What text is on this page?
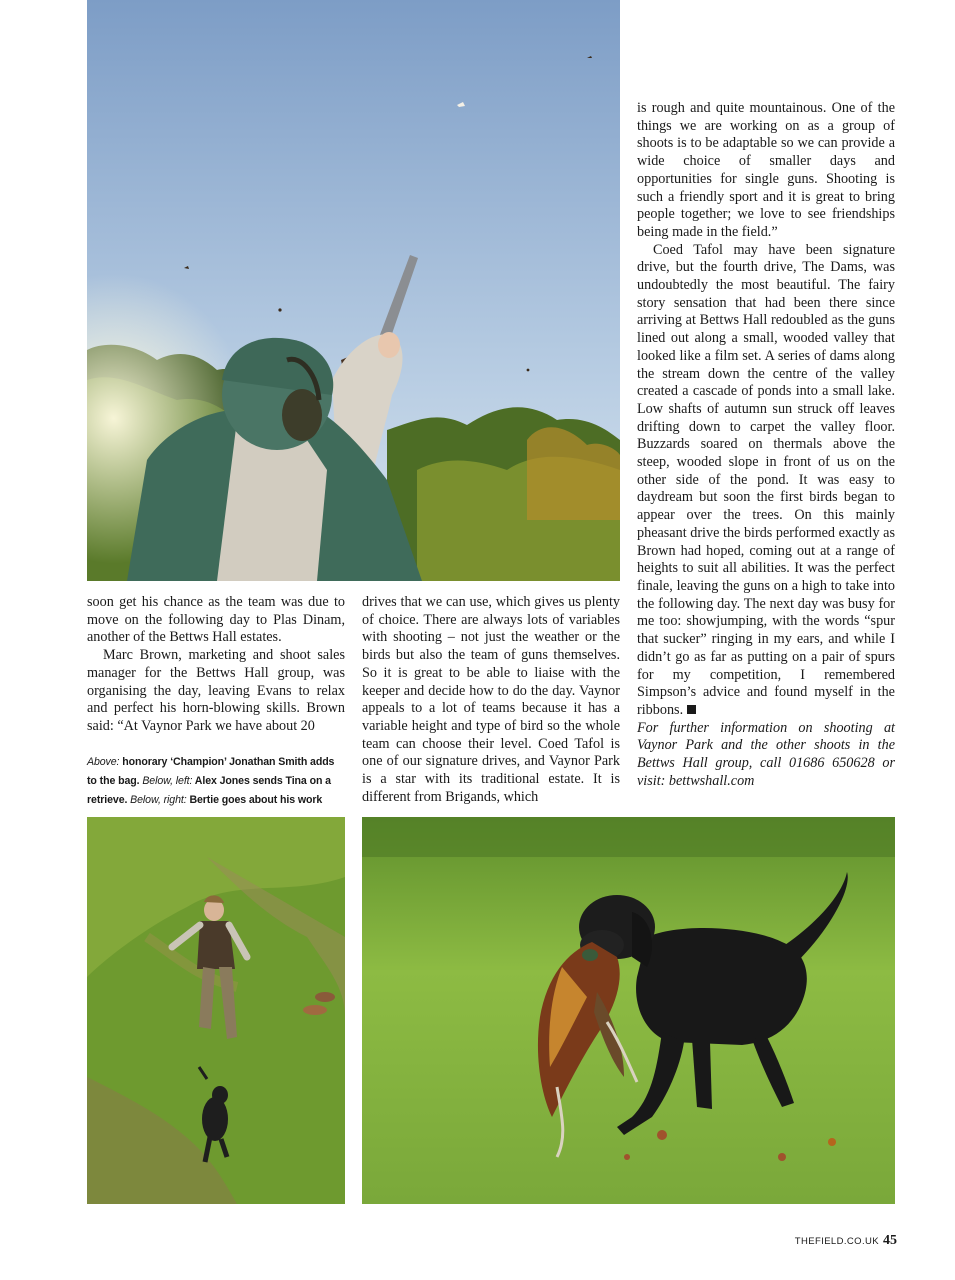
soon get his chance as the team was due to move on the following day to Plas Dinam, another of the Bettws Hall estates.

Marc Brown, marketing and shoot sales manager for the Bettws Hall group, was organising the day, leaving Evans to relax and perfect his horn-blowing skills. Brown said: “At Vaynor Park we have about 20

Above: honorary ‘Champion’ Jonathan Smith adds to the bag. Below, left: Alex Jones sends Tina on a retrieve. Below, right: Bertie goes about his work

drives that we can use, which gives us plenty of choice. There are always lots of variables with shooting – not just the weather or the birds but also the team of guns themselves. So it is great to be able to liaise with the keeper and decide how to do the day. Vaynor appeals to a lot of teams because it has a variable height and type of bird so the whole team can choose their level. Coed Tafol is one of our signature drives, and Vaynor Park is a star with its traditional estate. It is different from Brigands, which

is rough and quite mountainous. One of the things we are working on as a group of shoots is to be adaptable so we can provide a wide choice of smaller days and opportunities for single guns. Shooting is such a friendly sport and it is great to bring people together; we love to see friendships being made in the field.”

Coed Tafol may have been signature drive, but the fourth drive, The Dams, was undoubtedly the most beautiful. The fairy story sensation that had been there since arriving at Bettws Hall redoubled as the guns lined out along a small, wooded valley that looked like a film set. A series of dams along the stream down the centre of the valley created a cascade of ponds into a small lake. Low shafts of autumn sun struck off leaves drifting down to carpet the valley floor. Buzzards soared on thermals above the steep, wooded slope in front of us on the other side of the pond. It was easy to daydream but soon the first birds began to appear over the trees. On this mainly pheasant drive the birds performed exactly as Brown had hoped, coming out at a range of heights to suit all abilities. It was the perfect finale, leaving the guns on a high to take into the following day. The next day was busy for me too: showjumping, with the words “spur that sucker” ringing in my ears, and while I didn’t go as far as putting on a pair of spurs for my competition, I remembered Simpson’s advice and found myself in the ribbons.

For further information on shooting at Vaynor Park and the other shoots in the Bettws Hall group, call 01686 650628 or visit: bettwshall.com

THEFIELD.CO.UK 45
